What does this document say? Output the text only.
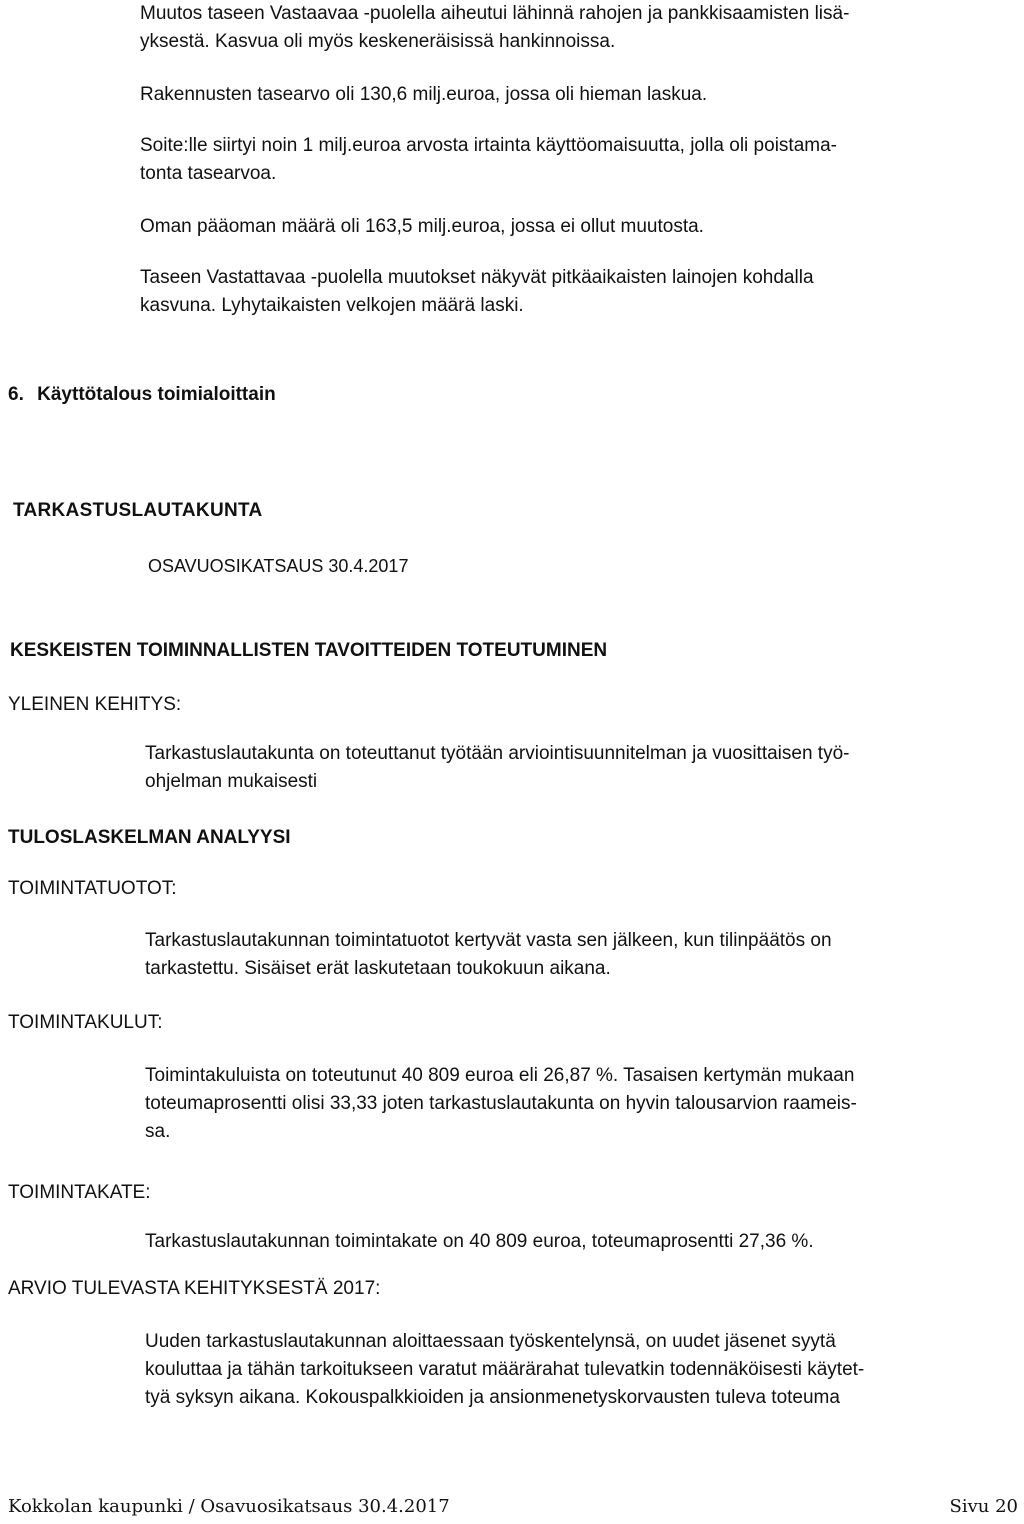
Muutos taseen Vastaavaa -puolella aiheutui lähinnä rahojen ja pankkisaamisten lisä-
yksestä. Kasvua oli myös keskeneräisissä hankinnoissa.
Rakennusten tasearvo oli 130,6 milj.euroa, jossa oli hieman laskua.
Soite:lle siirtyi noin 1 milj.euroa arvosta irtainta käyttöomaisuutta, jolla oli poistama-
tonta tasearvoa.
Oman pääoman määrä oli 163,5 milj.euroa, jossa ei ollut muutosta.
Taseen Vastattavaa -puolella muutokset näkyvät pitkäaikaisten lainojen kohdalla
kasvuna. Lyhytaikaisten velkojen määrä laski.
6. Käyttötalous toimialoittain
TARKASTUSLAUTAKUNTA
OSAVUOSIKATSAUS 30.4.2017
KESKEISTEN TOIMINNALLISTEN TAVOITTEIDEN TOTEUTUMINEN
YLEINEN KEHITYS:
Tarkastuslautakunta on toteuttanut työtään arviointisuunnitelman ja vuosittaisen työ-
ohjelman mukaisesti
TULOSLASKELMAN ANALYYSI
TOIMINTATUOTOT:
Tarkastuslautakunnan toimintatuotot kertyvät vasta sen jälkeen, kun tilinpäätös on
tarkastettu. Sisäiset erät laskutetaan toukokuun aikana.
TOIMINTAKULUT:
Toimintakuluista on toteutunut 40 809 euroa eli 26,87 %. Tasaisen kertymän mukaan
toteumaprosentti olisi 33,33 joten tarkastuslautakunta on hyvin talousarvion raameis-
sa.
TOIMINTAKATE:
Tarkastuslautakunnan toimintakate on 40 809 euroa, toteumaprosentti 27,36 %.
ARVIO TULEVASTA KEHITYKSESTÄ 2017:
Uuden tarkastuslautakunnan aloittaessaan työskentelynsä, on uudet jäsenet syytä
kouluttaa ja tähän tarkoitukseen varatut määrärahat tulevatkin todennäköisesti käytet-
tyä syksyn aikana. Kokouspalkkioiden ja ansionmenetyskorvausten tuleva toteuma
Kokkolan kaupunki / Osavuosikatsaus 30.4.2017	Sivu 20
